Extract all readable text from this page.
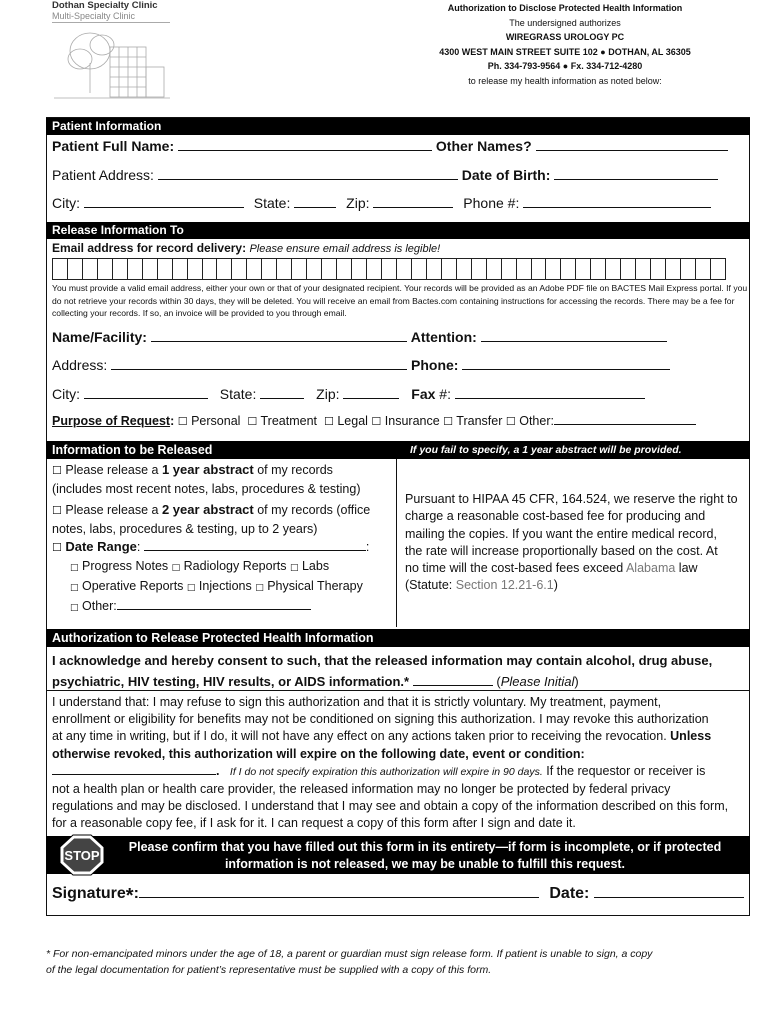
Dothan Specialty Clinic
Multi-Specialty Clinic
Authorization to Disclose Protected Health Information
The undersigned authorizes
WIREGRASS UROLOGY PC
4300 WEST MAIN STREET SUITE 102 ● DOTHAN, AL 36305
Ph. 334-793-9564 ● Fx. 334-712-4280
to release my health information as noted below:
Patient Information
Patient Full Name:	Other Names?
Patient Address:	Date of Birth:
City:	State:	Zip:	Phone #:
Release Information To
Email address for record delivery: Please ensure email address is legible!
You must provide a valid email address, either your own or that of your designated recipient. Your records will be provided as an Adobe PDF file on BACTES Mail Express portal. If you do not retrieve your records within 30 days, they will be deleted. You will receive an email from Bactes.com containing instructions for accessing the records. There may be a fee for collecting your records. If so, an invoice will be provided to you through email.
Name/Facility:	Attention:
Address:	Phone:
City:	State:	Zip:	Fax #:
Purpose of Request: ☐ Personal ☐ Treatment ☐ Legal ☐ Insurance ☐ Transfer ☐ Other:
Information to be Released	If you fail to specify, a 1 year abstract will be provided.
☐ Please release a 1 year abstract of my records
(includes most recent notes, labs, procedures & testing)
☐ Please release a 2 year abstract of my records (office
notes, labs, procedures & testing, up to 2 years)
☐ Date Range:	:
□ Progress Notes □ Radiology Reports □ Labs
□ Operative Reports □ Injections □ Physical Therapy
□ Other:
Pursuant to HIPAA 45 CFR, 164.524, we reserve the right to
charge a reasonable cost-based fee for producing and
mailing the copies. If you want the entire medical record,
the rate will increase proportionally based on the cost. At
no time will the cost-based fees exceed Alabama law
(Statute: Section 12.21-6.1)
Authorization to Release Protected Health Information
I acknowledge and hereby consent to such, that the released information may contain alcohol, drug abuse,
psychiatric, HIV testing, HIV results, or AIDS information.*	(Please Initial)
I understand that: I may refuse to sign this authorization and that it is strictly voluntary. My treatment, payment,
enrollment or eligibility for benefits may not be conditioned on signing this authorization. I may revoke this authorization
at any time in writing, but if I do, it will not have any effect on any actions taken prior to receiving the revocation. Unless
otherwise revoked, this authorization will expire on the following date, event or condition:
. If I do not specify expiration this authorization will expire in 90 days. If the requestor or receiver is
not a health plan or health care provider, the released information may no longer be protected by federal privacy
regulations and may be disclosed. I understand that I may see and obtain a copy of the information described on this form,
for a reasonable copy fee, if I ask for it. I can request a copy of this form after I sign and date it.
STOP
Please confirm that you have filled out this form in its entirety—if form is incomplete, or if protected
information is not released, we may be unable to fulfill this request.
Signature*:	Date:
* For non-emancipated minors under the age of 18, a parent or guardian must sign release form. If patient is unable to sign, a copy
of the legal documentation for patient’s representative must be supplied with a copy of this form.
